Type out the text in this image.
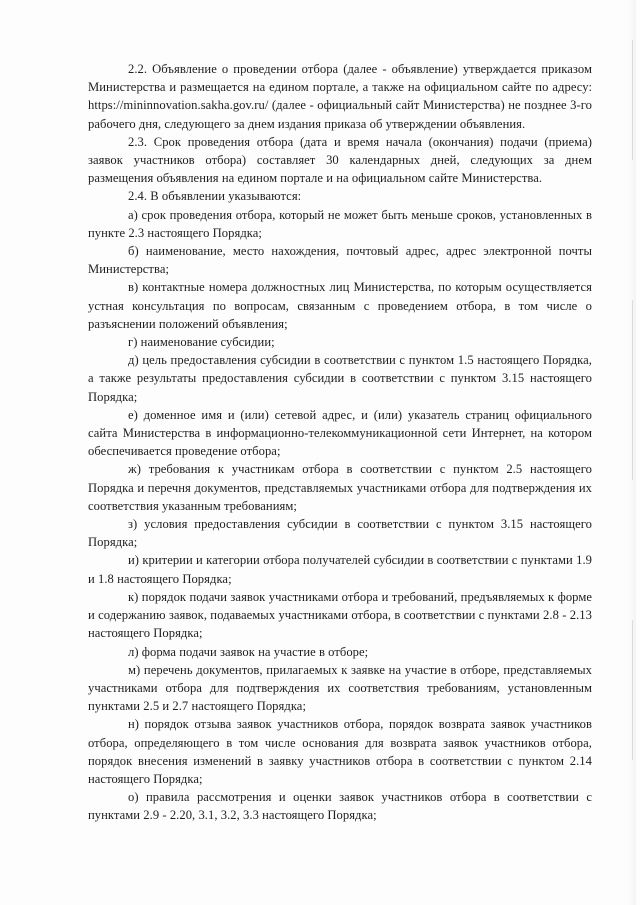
2.2. Объявление о проведении отбора (далее - объявление) утверждается приказом Министерства и размещается на едином портале, а также на официальном сайте по адресу: https://mininnovation.sakha.gov.ru/ (далее - официальный сайт Министерства) не позднее 3-го рабочего дня, следующего за днем издания приказа об утверждении объявления.

2.3. Срок проведения отбора (дата и время начала (окончания) подачи (приема) заявок участников отбора) составляет 30 календарных дней, следующих за днем размещения объявления на едином портале и на официальном сайте Министерства.

2.4. В объявлении указываются:

а) срок проведения отбора, который не может быть меньше сроков, установленных в пункте 2.3 настоящего Порядка;

б) наименование, место нахождения, почтовый адрес, адрес электронной почты Министерства;

в) контактные номера должностных лиц Министерства, по которым осуществляется устная консультация по вопросам, связанным с проведением отбора, в том числе о разъяснении положений объявления;

г) наименование субсидии;

д) цель предоставления субсидии в соответствии с пунктом 1.5 настоящего Порядка, а также результаты предоставления субсидии в соответствии с пунктом 3.15 настоящего Порядка;

е) доменное имя и (или) сетевой адрес, и (или) указатель страниц официального сайта Министерства в информационно-телекоммуникационной сети Интернет, на котором обеспечивается проведение отбора;

ж) требования к участникам отбора в соответствии с пунктом 2.5 настоящего Порядка и перечня документов, представляемых участниками отбора для подтверждения их соответствия указанным требованиям;

з) условия предоставления субсидии в соответствии с пунктом 3.15 настоящего Порядка;

и) критерии и категории отбора получателей субсидии в соответствии с пунктами 1.9 и 1.8 настоящего Порядка;

к) порядок подачи заявок участниками отбора и требований, предъявляемых к форме и содержанию заявок, подаваемых участниками отбора, в соответствии с пунктами 2.8 - 2.13 настоящего Порядка;

л) форма подачи заявок на участие в отборе;

м) перечень документов, прилагаемых к заявке на участие в отборе, представляемых участниками отбора для подтверждения их соответствия требованиям, установленным пунктами 2.5 и 2.7 настоящего Порядка;

н) порядок отзыва заявок участников отбора, порядок возврата заявок участников отбора, определяющего в том числе основания для возврата заявок участников отбора, порядок внесения изменений в заявку участников отбора в соответствии с пунктом 2.14 настоящего Порядка;

о) правила рассмотрения и оценки заявок участников отбора в соответствии с пунктами 2.9 - 2.20, 3.1, 3.2, 3.3 настоящего Порядка;
